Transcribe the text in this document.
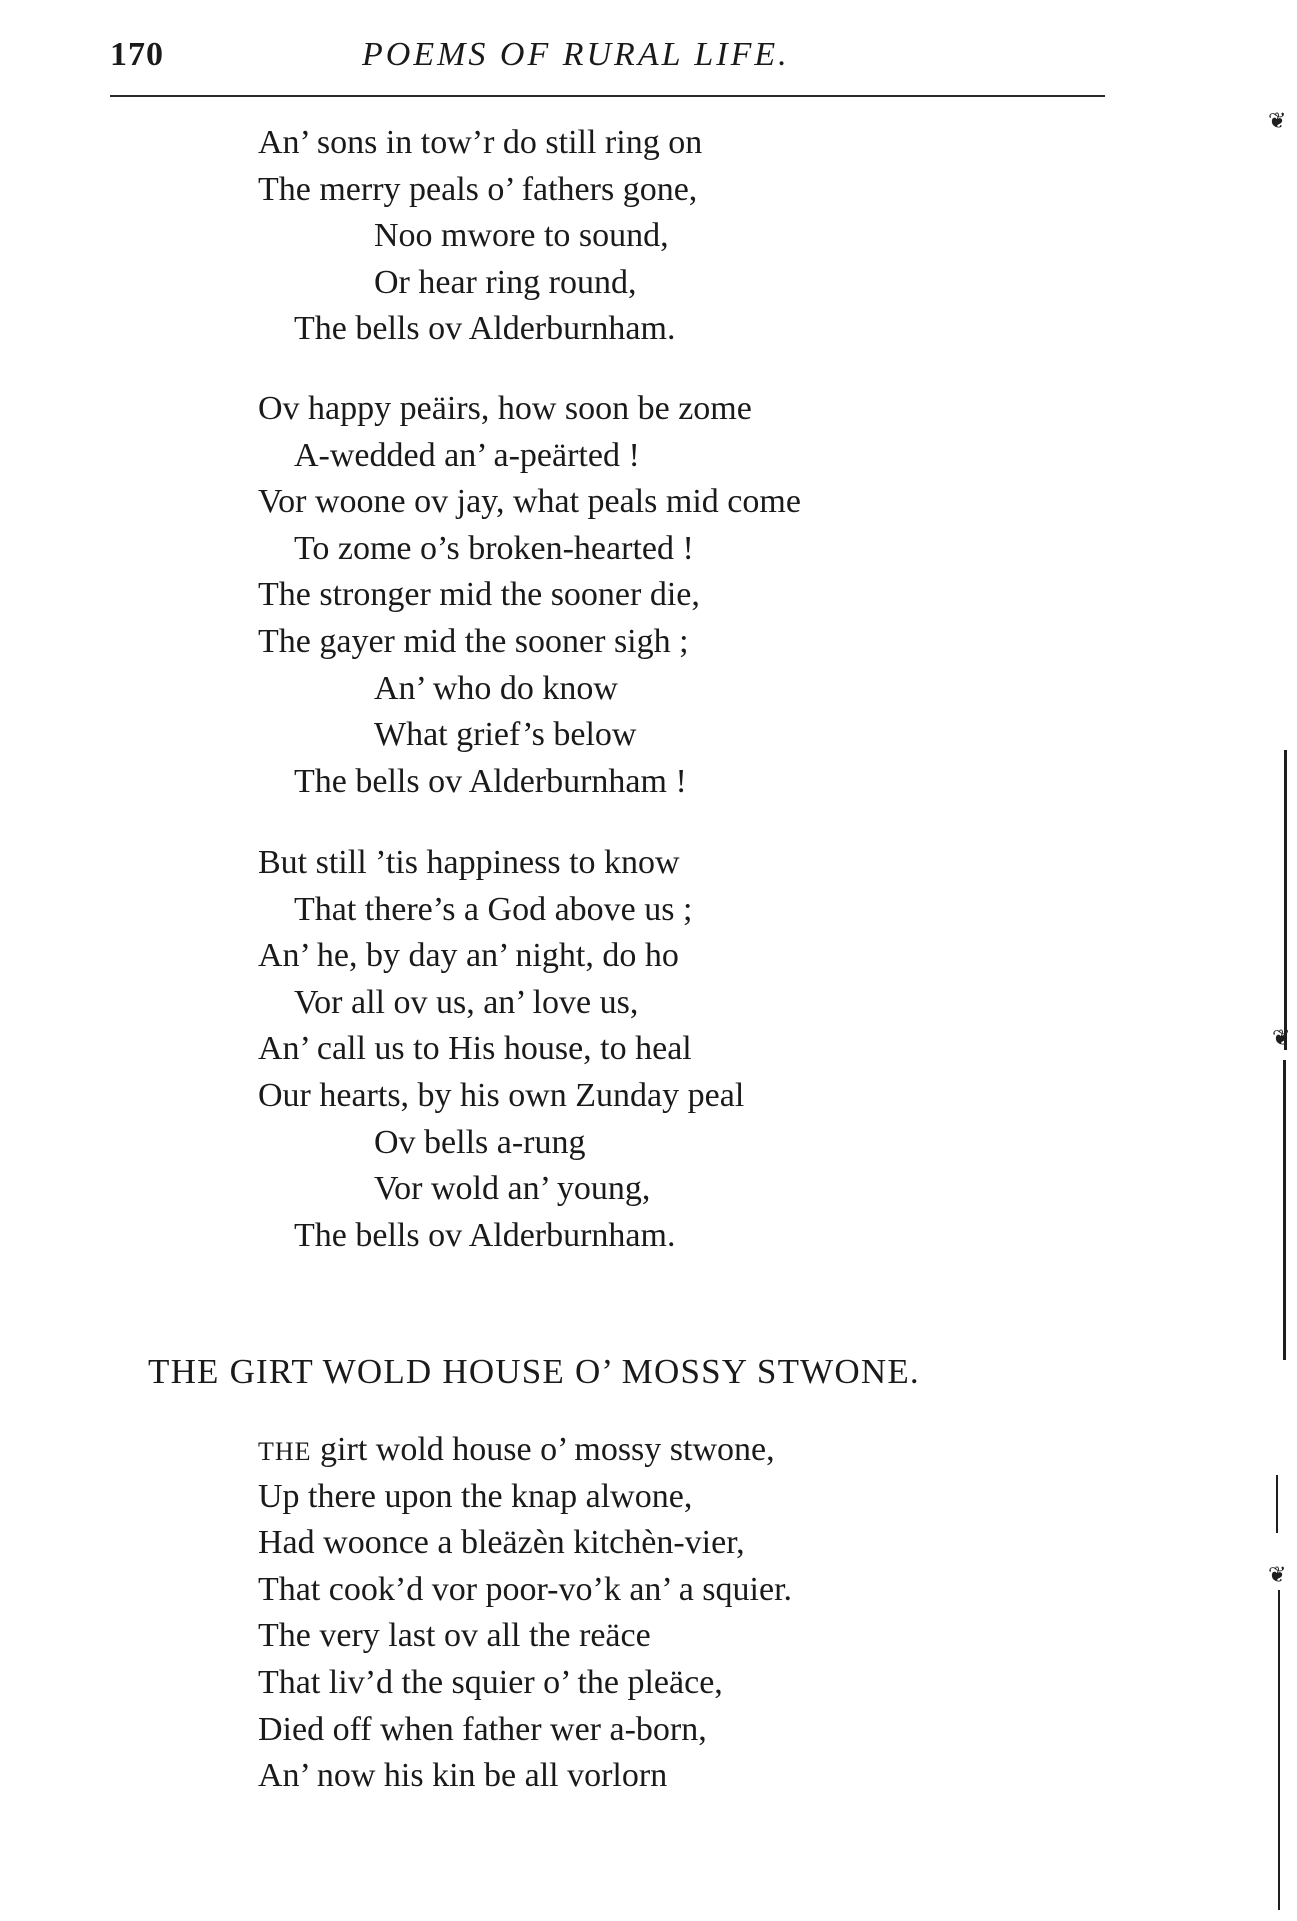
170	POEMS OF RURAL LIFE.
An’ sons in tow’r do still ring on
The merry peals o’ fathers gone,
Noo mwore to sound,
Or hear ring round,
The bells ov Alderburnham.
Ov happy peäirs, how soon be zome
A-wedded an’ a-peärted !
Vor woone ov jay, what peals mid come
To zome o’s broken-hearted !
The stronger mid the sooner die,
The gayer mid the sooner sigh ;
An’ who do know
What grief’s below
The bells ov Alderburnham !
But still ’tis happiness to know
That there’s a God above us ;
An’ he, by day an’ night, do ho
Vor all ov us, an’ love us,
An’ call us to His house, to heal
Our hearts, by his own Zunday peal
Ov bells a-rung
Vor wold an’ young,
The bells ov Alderburnham.
THE GIRT WOLD HOUSE O’ MOSSY STWONE.
THE girt wold house o’ mossy stwone,
Up there upon the knap alwone,
Had woonce a bleäzèn kitchèn-vier,
That cook’d vor poor-vo’k an’ a squier.
The very last ov all the reäce
That liv’d the squier o’ the pleäce,
Died off when father wer a-born,
An’ now his kin be all vorlorn
❦
❦
❦
